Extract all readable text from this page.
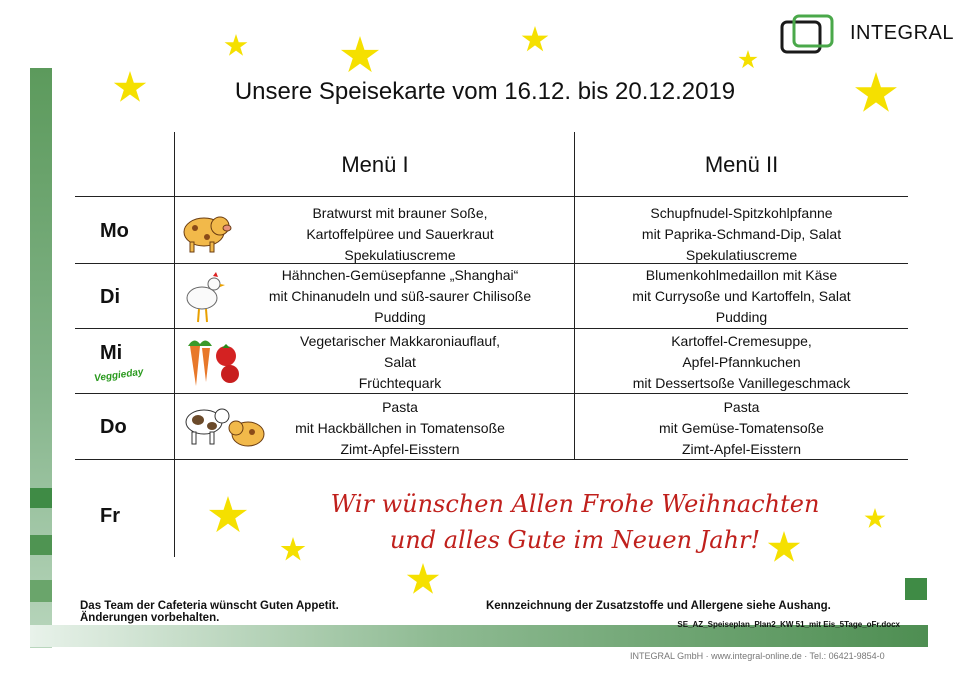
INTEGRAL
Unsere Speisekarte vom 16.12. bis 20.12.2019
Menü I	Menü II
Mo
Di
Mi
Veggieday
Do
Fr
Bratwurst mit brauner Soße,
Kartoffelpüree und Sauerkraut
Spekulatiuscreme
Schupfnudel-Spitzkohlpfanne
mit Paprika-Schmand-Dip, Salat
Spekulatiuscreme
Hähnchen-Gemüsepfanne „Shanghai“
mit Chinanudeln und süß-saurer Chilisoße
Pudding
Blumenkohlmedaillon mit Käse
mit Currysoße und Kartoffeln, Salat
Pudding
Vegetarischer Makkaroniauflauf,
Salat
Früchtequark
Kartoffel-Cremesuppe,
Apfel-Pfannkuchen
mit Dessertsoße Vanillegeschmack
Pasta
mit Hackbällchen in Tomatensoße
Zimt-Apfel-Eisstern
Pasta
mit Gemüse-Tomatensoße
Zimt-Apfel-Eisstern
Wir wünschen Allen Frohe Weihnachten
und alles Gute im Neuen Jahr!
Das Team der Cafeteria wünscht Guten Appetit.
Änderungen vorbehalten.
Kennzeichnung der Zusatzstoffe und Allergene siehe Aushang.
SE_AZ_Speiseplan_Plan2_KW 51_mit Eis_5Tage_oFr.docx
INTEGRAL GmbH · www.integral-online.de · Tel.: 06421-9854-0
